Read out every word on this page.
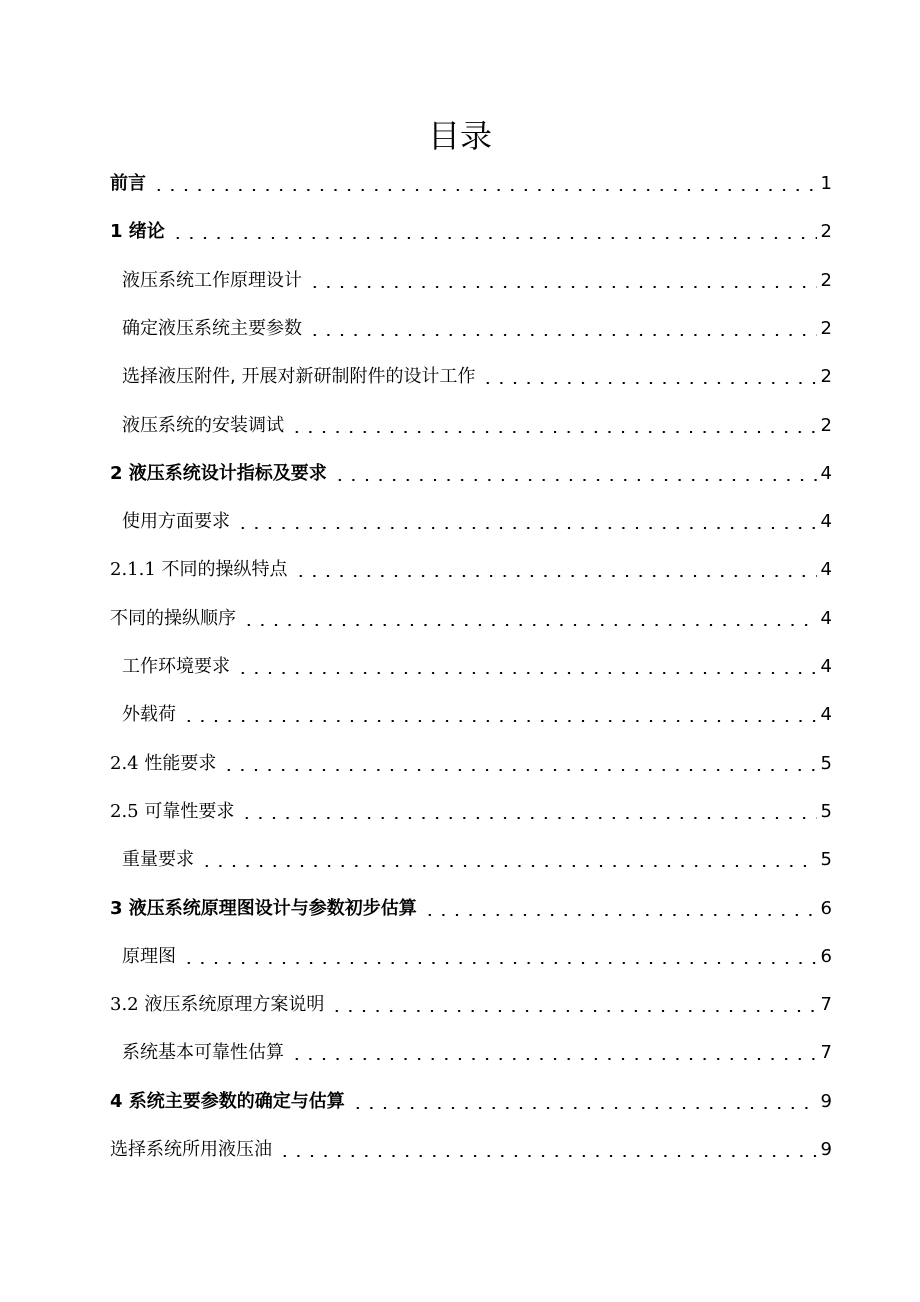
目录
前言	1
1 绪论	2
液压系统工作原理设计	2
确定液压系统主要参数	2
选择液压附件, 开展对新研制附件的设计工作	2
液压系统的安装调试	2
2 液压系统设计指标及要求	4
使用方面要求	4
2.1.1 不同的操纵特点	4
不同的操纵顺序	4
工作环境要求	4
外载荷	4
2.4 性能要求	5
2.5 可靠性要求	5
重量要求	5
3 液压系统原理图设计与参数初步估算	6
原理图	6
3.2 液压系统原理方案说明	7
系统基本可靠性估算	7
4 系统主要参数的确定与估算	9
选择系统所用液压油	9
